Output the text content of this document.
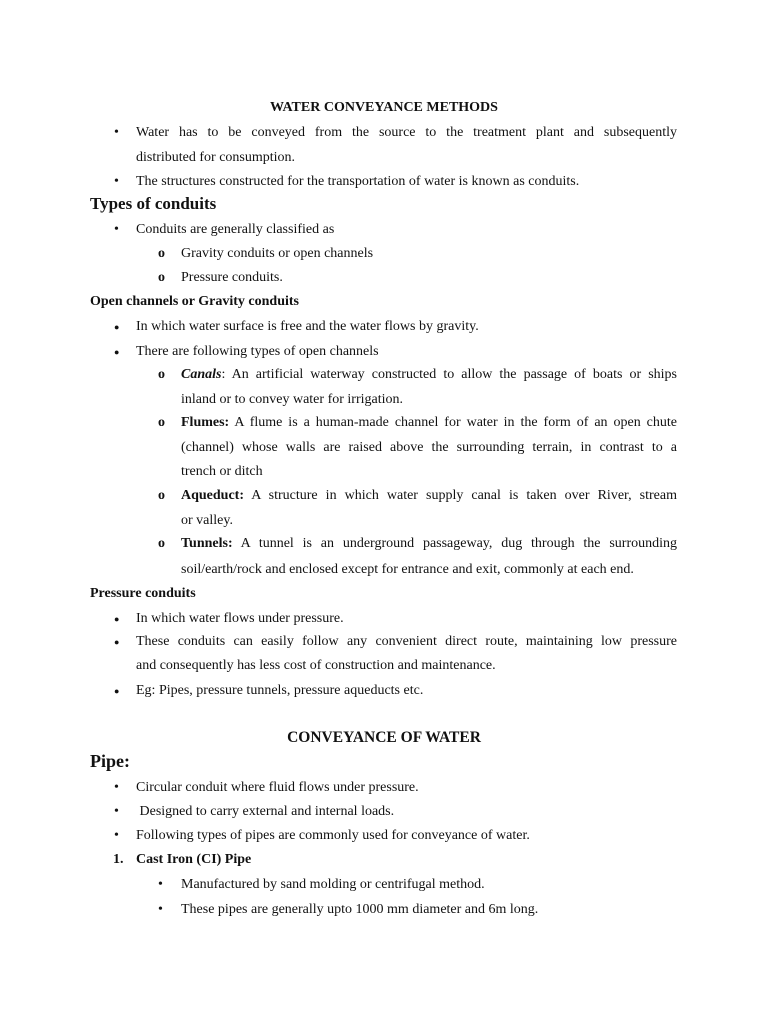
WATER CONVEYANCE METHODS
•
Water has to be conveyed from the source to the treatment plant and subsequently
distributed for consumption.
•
The structures constructed for the transportation of water is known as conduits.
Types of conduits
•
Conduits are generally classified as
o
Gravity conduits or open channels
o
Pressure conduits.
Open channels or Gravity conduits
●
In which water surface is free and the water flows by gravity.
●
There are following types of open channels
o
Canals: An artificial waterway constructed to allow the passage of boats or ships
inland or to convey water for irrigation.
o
Flumes: A flume is a human-made channel for water in the form of an open chute
(channel) whose walls are raised above the surrounding terrain, in contrast to a
trench or ditch
o
Aqueduct: A structure in which water supply canal is taken over River, stream
or valley.
o
Tunnels: A tunnel is an underground passageway, dug through the surrounding
soil/earth/rock and enclosed except for entrance and exit, commonly at each end.
Pressure conduits
●
In which water flows under pressure.
●
These conduits can easily follow any convenient direct route, maintaining low pressure
and consequently has less cost of construction and maintenance.
●
Eg: Pipes, pressure tunnels, pressure aqueducts etc.
CONVEYANCE OF WATER
Pipe:
•
Circular conduit where fluid flows under pressure.
•
Designed to carry external and internal loads.
•
Following types of pipes are commonly used for conveyance of water.
1. Cast Iron (CI) Pipe
•
Manufactured by sand molding or centrifugal method.
•
These pipes are generally upto 1000 mm diameter and 6m long.
